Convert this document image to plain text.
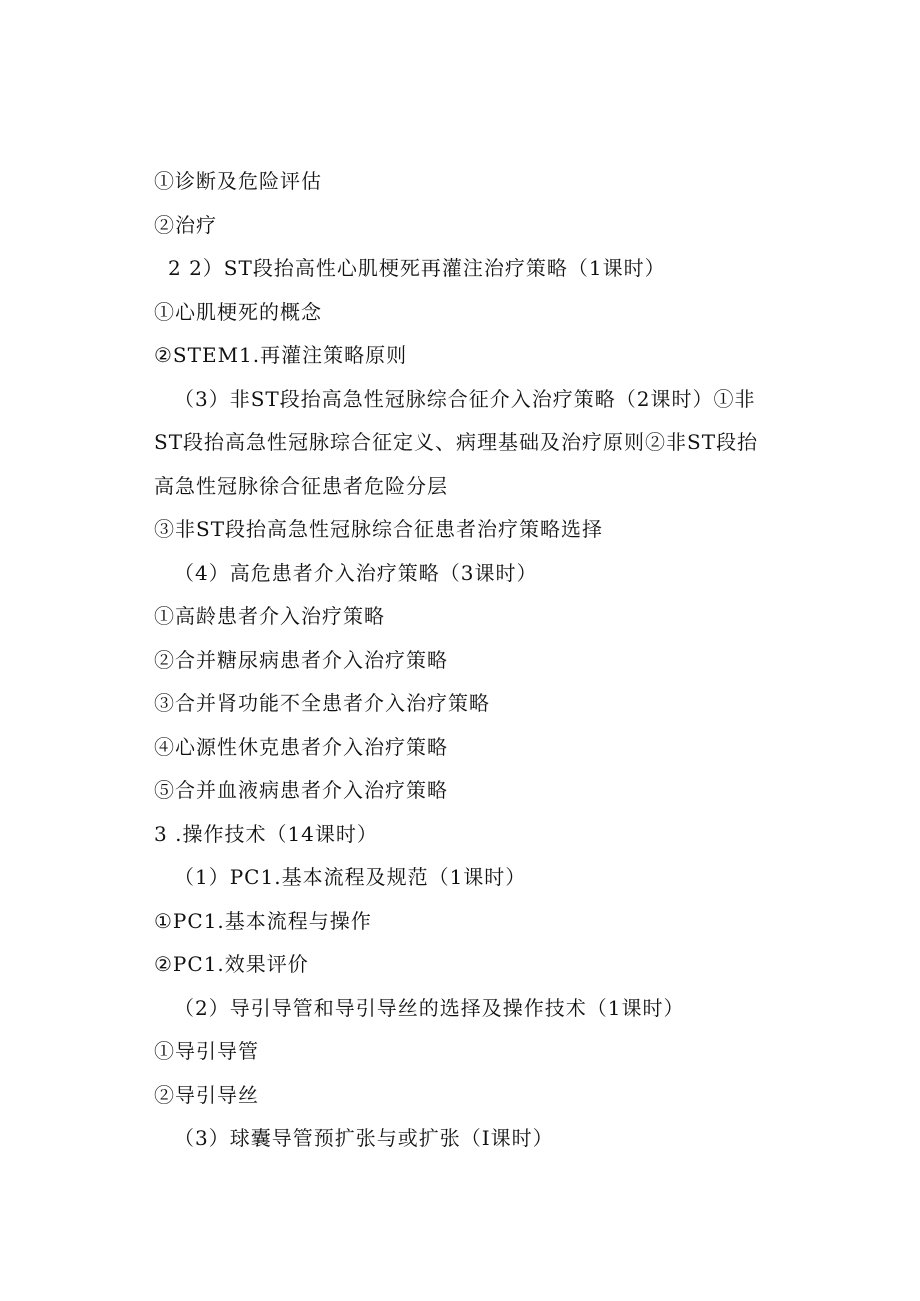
①诊断及危险评估
②治疗
2 2）ST段抬高性心肌梗死再灌注治疗策略（1课时）
①心肌梗死的概念
②STEM1.再灌注策略原则
（3）非ST段抬高急性冠脉综合征介入治疗策略（2课时）①非
ST段抬高急性冠脉琮合征定义、病理基础及治疗原则②非ST段抬
高急性冠脉徐合征患者危险分层
③非ST段抬高急性冠脉综合征患者治疗策略选择
（4）高危患者介入治疗策略（3课时）
①高龄患者介入治疗策略
②合并糖尿病患者介入治疗策略
③合并肾功能不全患者介入治疗策略
④心源性休克患者介入治疗策略
⑤合并血液病患者介入治疗策略
3 .操作技术（14课时）
（1）PC1.基本流程及规范（1课时）
①PC1.基本流程与操作
②PC1.效果评价
（2）导引导管和导引导丝的选择及操作技术（1课时）
①导引导管
②导引导丝
（3）球囊导管预扩张与或扩张（I课时）
